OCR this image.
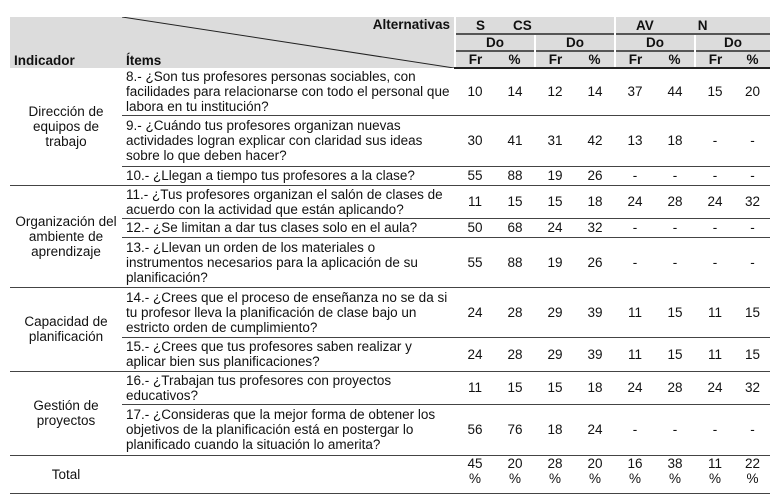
Indicador	Alternativas	S CS				AV N			

Ítems	Do		Do		Do		Do	
		Fr	%	Fr	%	Fr	%	Fr	%
Dirección de equipos de trabajo	8.- ¿Son tus profesores personas sociables, con facilidades para relacionarse con todo el personal que labora en tu institución?	10	14	12	14	37	44	15	20
	9.- ¿Cuándo tus profesores organizan nuevas actividades logran explicar con claridad sus ideas sobre lo que deben hacer?	30	41	31	42	13	18	-	-
	10.- ¿Llegan a tiempo tus profesores a la clase?	55	88	19	26	-	-	-	-
Organización del ambiente de aprendizaje	11.- ¿Tus profesores organizan el salón de clases de acuerdo con la actividad que están aplicando?	11	15	15	18	24	28	24	32
	12.- ¿Se limitan a dar tus clases solo en el aula?	50	68	24	32	-	-	-	-
	13.- ¿Llevan un orden de los materiales o instrumentos necesarios para la aplicación de su planificación?	55	88	19	26	-	-	-	-
Capacidad de planificación	14.- ¿Crees que el proceso de enseñanza no se da si tu profesor lleva la planificación de clase bajo un estricto orden de cumplimiento?	24	28	29	39	11	15	11	15
	15.- ¿Crees que tus profesores saben realizar y aplicar bien sus planificaciones?	24	28	29	39	11	15	11	15
Gestión de proyectos	16.- ¿Trabajan tus profesores con proyectos educativos?	11	15	15	18	24	28	24	32
	17.- ¿Consideras que la mejor forma de obtener los objetivos de la planificación está en postergar lo planificado cuando la situación lo amerita?	56	76	18	24	-	-	-	-
Total		45 %	20 %	28 %	20 %	16 %	38 %	11 %	22 %
